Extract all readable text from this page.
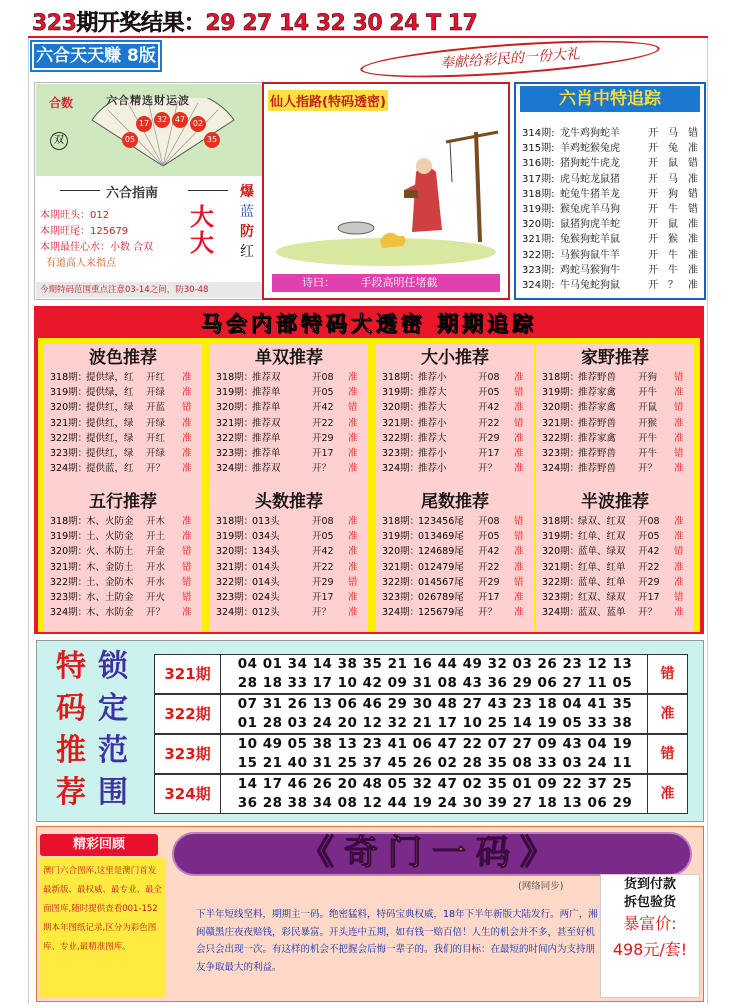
323期开奖结果：29 27 14 32 30 24 T 17
六合天天赚 8版	奉献给彩民的一份大礼
05
17 32 47 02
35
合数
双
六合精选财运波
六合指南
本期旺头：012
本期旺尾：125679
本期最佳心水：小数 合双
有道高人来指点
大大
爆
蓝
防
红
今期特码范围重点注意03-14之间，防30-48
仙人指路(特码透密)
诗曰： 手段高明任堵截
六肖中特追踪
314期: 龙牛鸡狗蛇羊	开	马	错
315期: 羊鸡蛇猴兔虎	开	兔	准
316期: 猪狗蛇牛虎龙	开	鼠	错
317期: 虎马蛇龙鼠猪	开	马	准
318期: 蛇兔牛猪羊龙	开	狗	错
319期: 猴兔虎羊马狗	开	牛	错
320期: 鼠猪狗虎羊蛇	开	鼠	准
321期: 兔猴狗蛇羊鼠	开	猴	准
322期: 马猴狗鼠牛羊	开	牛	准
323期: 鸡蛇马猴狗牛	开	牛	准
324期: 牛马兔蛇狗鼠	开	？	准
马会内部特码大透密 期期追踪
波色推荐
318期：
提供绿，红	开红	准
319期：
提供绿，红	开绿	准
320期：
提供红，绿	开蓝	错
321期：
提供红，绿	开绿	准
322期：
提供红，绿	开红	准
323期：
提供红，绿	开绿	准
324期：
提供蓝，红	开？	准
单双推荐
318期：
推荐双	开08	准
319期：
推荐单	开05	准
320期：
推荐单	开42	错
321期：
推荐双	开22	准
322期：
推荐单	开29	准
323期：
推荐单	开17	准
324期：
推荐双	开？	准
大小推荐
318期：
推荐小	开08	准
319期：
推荐大	开05	错
320期：
推荐大	开42	准
321期：
推荐小	开22	错
322期：
推荐大	开29	准
323期：
推荐小	开17	准
324期：
推荐小	开？	准
家野推荐
318期：
推荐野兽	开狗	错
319期：
推荐家禽	开牛	准
320期：
推荐家禽	开鼠	错
321期：
推荐野兽	开猴	准
322期：
推荐家禽	开牛	准
323期：
推荐野兽	开牛	错
324期：
推荐野兽	开？	准
五行推荐
318期：
木、火防金	开木	准
319期：
土、火防金	开土	准
320期：
火、木防土	开金	错
321期：
木、金防土	开水	错
322期：
土、金防木	开水	错
323期：
水、土防金	开火	错
324期：
木、水防金	开？	准
头数推荐
318期：
013头	开08	准
319期：
034头	开05	准
320期：
134头	开42	准
321期：
014头	开22	准
322期：
014头	开29	错
323期：
024头	开17	准
324期：
012头	开？	准
尾数推荐
318期：
123456尾	开08	错
319期：
013469尾	开05	错
320期：
124689尾	开42	准
321期：
012479尾	开22	准
322期：
014567尾	开29	错
323期：
026789尾	开17	准
324期：
125679尾	开？	准
半波推荐
318期：
绿双、红双	开08	准
319期：
红单、红双	开05	准
320期：
蓝单、绿双	开42	错
321期：
红单、红单	开22	准
322期：
蓝单、红单	开29	准
323期：
红双、绿双	开17	错
324期：
蓝双、蓝单	开？	准
特
码
推
荐
锁
定
范
围
321期
04 01 34 14 38 35 21 16 44 49 32 03 26 23 12 13
28 18 33 17 10 42 09 31 08 43 36 29 06 27 11 05
错
322期
07 31 26 13 06 46 29 30 48 27 43 23 18 04 41 35
01 28 03 24 20 12 32 21 17 10 25 14 19 05 33 38
准
323期
10 49 05 38 13 23 41 06 47 22 07 27 09 43 04 19
15 21 40 31 25 37 45 26 02 28 35 08 33 03 24 11
错
324期
14 17 46 26 20 48 05 32 47 02 35 01 09 22 37 25
36 28 38 34 08 12 44 19 24 30 39 27 18 13 06 29
准
精彩回顾
澳门六合图库,这里是澳门首发最新版、最权威、最专业、最全面图库,随时提供查看001-152期本年图纸记录,区分为彩色图库、专业,最精准图库。
《奇门一码》
(网络同步)
下半年短线坚料，期期主一码。绝密猛料，特码宝典权威，18年下半年新版大陆发行。两广，湘闽赣黑庄夜夜赔钱，彩民暴富。开头连中五期，如有钱一赔百倍！人生的机会并不多，甚至好机会只会出现一次。有这样的机会不把握会后悔一辈子的。我们的目标：在最短的时间内为支持朋友争取最大的利益。
货到付款
拆包验货
暴富价:
498元/套!
